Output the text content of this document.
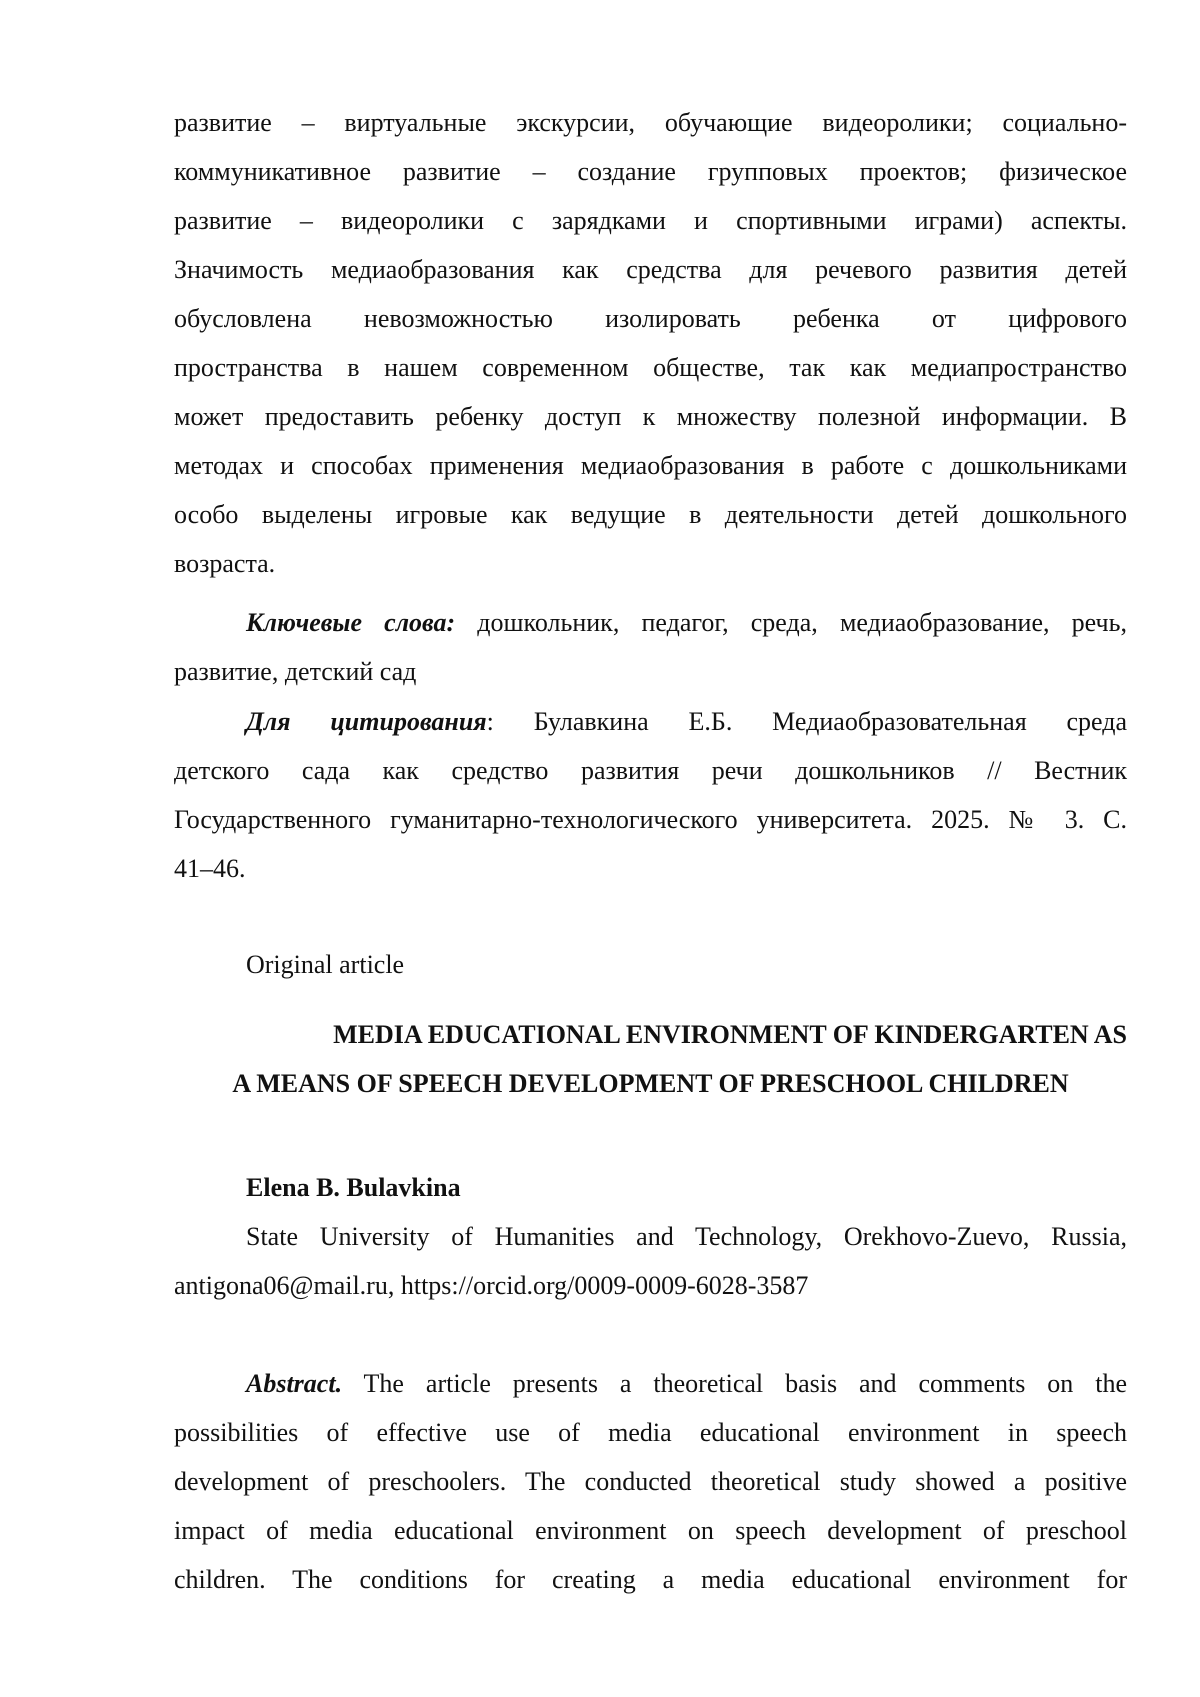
развитие – виртуальные экскурсии, обучающие видеоролики; социально-
коммуникативное развитие – создание групповых проектов; физическое
развитие – видеоролики с зарядками и спортивными играми) аспекты.
Значимость медиаобразования как средства для речевого развития детей
обусловлена невозможностью изолировать ребенка от цифрового
пространства в нашем современном обществе, так как медиапространство
может предоставить ребенку доступ к множеству полезной информации. В
методах и способах применения медиаобразования в работе с дошкольниками
особо выделены игровые как ведущие в деятельности детей дошкольного
возраста.
Ключевые слова: дошкольник, педагог, среда, медиаобразование, речь,
развитие, детский сад
Для цитирования: Булавкина Е.Б. Медиаобразовательная среда
детского сада как средство развития речи дошкольников // Вестник
Государственного гуманитарно-технологического университета. 2025. № 3. С.
41–46.
Original article
MEDIA EDUCATIONAL ENVIRONMENT OF KINDERGARTEN AS
A MEANS OF SPEECH DEVELOPMENT OF PRESCHOOL CHILDREN
Elena B. Bulavkina
State University of Humanities and Technology, Orekhovo-Zuevo, Russia,
antigona06@mail.ru, https://orcid.org/0009-0009-6028-3587
Abstract. The article presents a theoretical basis and comments on the
possibilities of effective use of media educational environment in speech
development of preschoolers. The conducted theoretical study showed a positive
impact of media educational environment on speech development of preschool
children. The conditions for creating a media educational environment for
